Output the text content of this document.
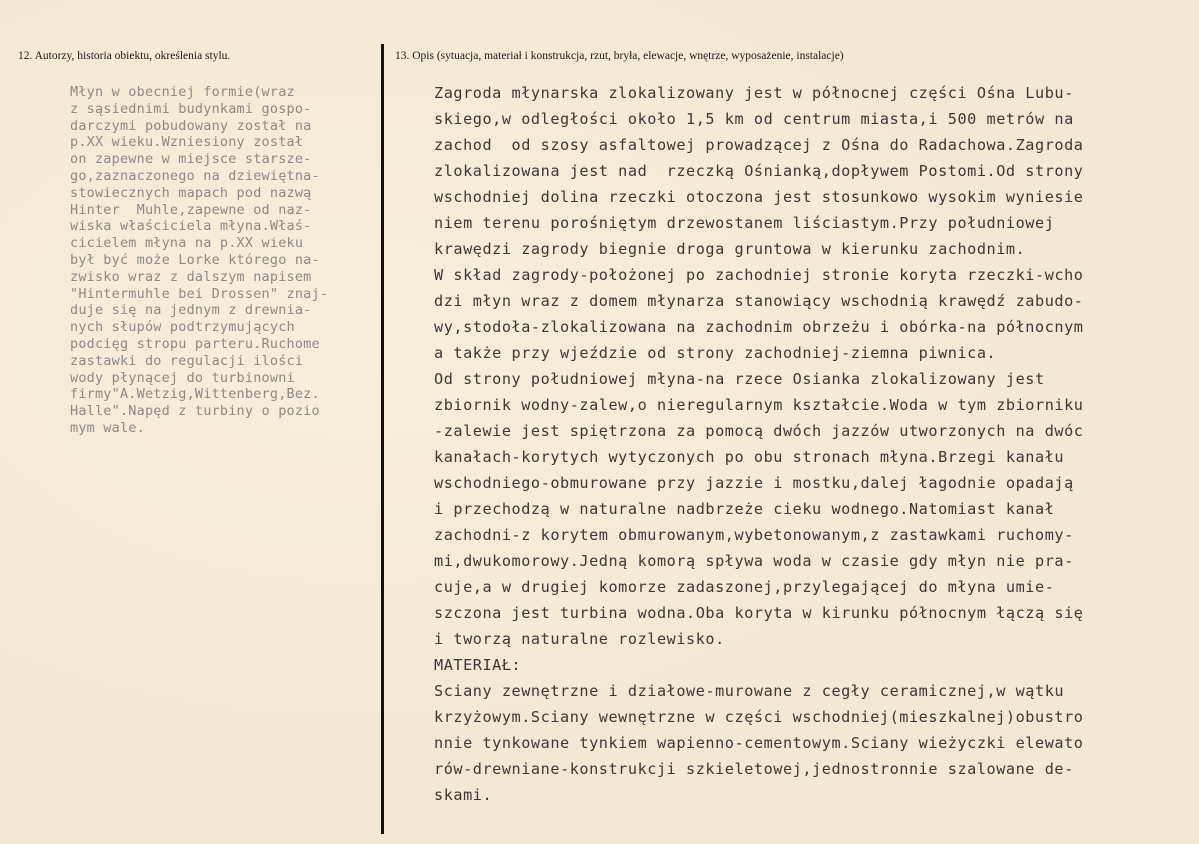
12. Autorzy, historia obiektu, określenia stylu.	13. Opis (sytuacja, materiał i konstrukcja, rzut, bryła, elewacje, wnętrze, wyposażenie, instalacje)
Młyn w obecniej formie(wraz
z sąsiednimi budynkami gospo-
darczymi pobudowany został na
p.XX wieku.Wzniesiony został
on zapewne w miejsce starsze-
go,zaznaczonego na dziewiętna-
stowiecznych mapach pod nazwą
Hinter  Muhle,zapewne od naz-
wiska właściciela młyna.Właś-
cicielem młyna na p.XX wieku
był być może Lorke którego na-
zwisko wraz z dalszym napisem
"Hintermuhle bei Drossen" znaj-
duje się na jednym z drewnia-
nych słupów podtrzymujących
podcięg stropu parteru.Ruchome
zastawki do regulacji ilości
wody płynącej do turbinowni
firmy"A.Wetzig,Wittenberg,Bez.
Halle".Napęd z turbiny o pozio
mym wale.
Zagroda młynarska zlokalizowany jest w północnej części Ośna Lubu-
skiego,w odległości około 1,5 km od centrum miasta,i 500 metrów na
zachod  od szosy asfaltowej prowadzącej z Ośna do Radachowa.Zagroda
zlokalizowana jest nad  rzeczką Ośnianką,dopływem Postomi.Od strony
wschodniej dolina rzeczki otoczona jest stosunkowo wysokim wyniesie
niem terenu porośniętym drzewostanem liściastym.Przy południowej
krawędzi zagrody biegnie droga gruntowa w kierunku zachodnim.
W skład zagrody-położonej po zachodniej stronie koryta rzeczki-wcho
dzi młyn wraz z domem młynarza stanowiący wschodnią krawędź zabudo-
wy,stodoła-zlokalizowana na zachodnim obrzeżu i obórka-na północnym
a także przy wjeździe od strony zachodniej-ziemna piwnica.
Od strony południowej młyna-na rzece Osianka zlokalizowany jest
zbiornik wodny-zalew,o nieregularnym kształcie.Woda w tym zbiorniku
-zalewie jest spiętrzona za pomocą dwóch jazzów utworzonych na dwóc
kanałach-korytych wytyczonych po obu stronach młyna.Brzegi kanału
wschodniego-obmurowane przy jazzie i mostku,dalej łagodnie opadają
i przechodzą w naturalne nadbrzeże cieku wodnego.Natomiast kanał
zachodni-z korytem obmurowanym,wybetonowanym,z zastawkami ruchomy-
mi,dwukomorowy.Jedną komorą spływa woda w czasie gdy młyn nie pra-
cuje,a w drugiej komorze zadaszonej,przylegającej do młyna umie-
szczona jest turbina wodna.Oba koryta w kirunku północnym łączą się
i tworzą naturalne rozlewisko.
MATERIAŁ:
Sciany zewnętrzne i działowe-murowane z cegły ceramicznej,w wątku
krzyżowym.Sciany wewnętrzne w części wschodniej(mieszkalnej)obustro
nnie tynkowane tynkiem wapienno-cementowym.Sciany wieżyczki elewato
rów-drewniane-konstrukcji szkieletowej,jednostronnie szalowane de-
skami.
